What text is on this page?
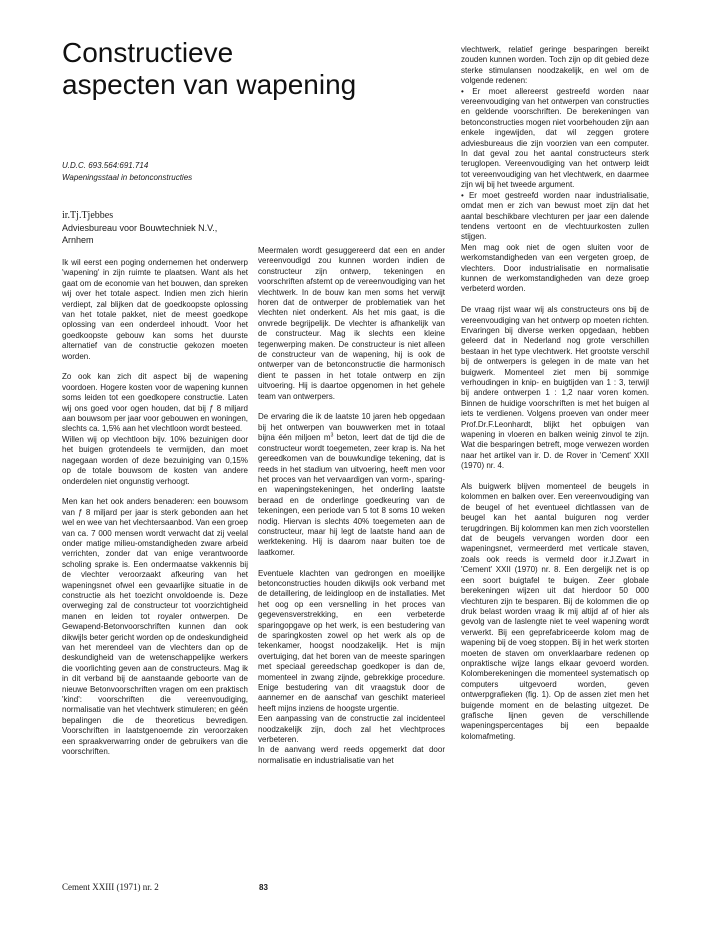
Constructieve
aspecten van wapening
U.D.C. 693.564:691.714
Wapeningsstaal in betonconstructies
ir.Tj.Tjebbes
Adviesbureau voor Bouwtechniek N.V.,
Arnhem

Ik wil eerst een poging ondernemen het onderwerp 'wapening' in zijn ruimte te plaatsen. Want als het gaat om de economie van het bouwen, dan spreken wij over het totale aspect. Indien men zich hierin verdiept, zal blijken dat de goedkoopste oplossing van het totale pakket, niet de meest goedkope oplossing van een onderdeel inhoudt. Voor het goedkoopste gebouw kan soms het duurste alternatief van de constructie gekozen moeten worden.

Zo ook kan zich dit aspect bij de wapening voordoen. Hogere kosten voor de wapening kunnen soms leiden tot een goedkopere constructie. Laten wij ons goed voor ogen houden, dat bij ƒ 8 miljard aan bouwsom per jaar voor gebouwen en woningen, slechts ca. 1,5% aan het vlechtloon wordt besteed.

Willen wij op vlechtloon bijv. 10% bezuinigen door het buigen grotendeels te vermijden, dan moet nagegaan worden of deze bezuiniging van 0,15% op de totale bouwsom de kosten van andere onderdelen niet ongunstig verhoogt.

Men kan het ook anders benaderen: een bouwsom van ƒ 8 miljard per jaar is sterk gebonden aan het wel en wee van het vlechtersaanbod. Van een groep van ca. 7 000 mensen wordt verwacht dat zij veelal onder matige milieu-omstandigheden zware arbeid verrichten, zonder dat van enige verantwoorde scholing sprake is. Een ondermaatse vakkennis bij de vlechter veroorzaakt afkeuring van het wapeningsnet ofwel een gevaarlijke situatie in de constructie als het toezicht onvoldoende is. Deze overweging zal de constructeur tot voorzichtigheid manen en leiden tot royaler ontwerpen. De Gewapend-Betonvoorschriften kunnen dan ook dikwijls beter gericht worden op de ondeskundigheid van het merendeel van de vlechters dan op de deskundigheid van de wetenschappelijke werkers die voorlichting geven aan de constructeurs. Mag ik in dit verband bij de aanstaande geboorte van de nieuwe Betonvoorschriften vragen om een praktisch 'kind': voorschriften die vereenvoudiging, normalisatie van het vlechtwerk stimuleren; en géén bepalingen die de theoreticus bevredigen. Voorschriften in laatstgenoemde zin veroorzaken een spraakverwarring onder de gebruikers van die voorschriften.

Meermalen wordt gesuggereerd dat een en ander vereenvoudigd zou kunnen worden indien de constructeur zijn ontwerp, tekeningen en voorschriften afstemt op de vereenvoudiging van het vlechtwerk. In de bouw kan men soms het verwijt horen dat de ontwerper de problematiek van het vlechten niet onderkent. Als het mis gaat, is die onvrede begrijpelijk. De vlechter is afhankelijk van de constructeur. Mag ik slechts een kleine tegenwerping maken. De constructeur is niet alleen de constructeur van de wapening, hij is ook de ontwerper van de betonconstructie die harmonisch dient te passen in het totale ontwerp en zijn uitvoering. Hij is daartoe opgenomen in het gehele team van ontwerpers.

De ervaring die ik de laatste 10 jaren heb opgedaan bij het ontwerpen van bouwwerken met in totaal bijna één miljoen $m^3$ beton, leert dat de tijd die de constructeur wordt toegemeten, zeer krap is. Na het gereedkomen van de bouwkundige tekening, dat is reeds in het stadium van uitvoering, heeft men voor het proces van het vervaardigen van vorm-, sparing- en wapeningstekeningen, het onderling laatste beraad en de onderlinge goedkeuring van de tekeningen, een periode van 5 tot 8 soms 10 weken nodig. Hiervan is slechts 40% toegemeten aan de constructeur, maar hij legt de laatste hand aan de werktekening. Hij is daarom naar buiten toe de laatkomer.

Eventuele klachten van gedrongen en moeilijke betonconstructies houden dikwijls ook verband met de detaillering, de leidingloop en de installaties. Met het oog op een versnelling in het proces van gegevensverstrekking, en een verbeterde sparingopgave op het werk, is een bestudering van de sparingkosten zowel op het werk als op de tekenkamer, hoogst noodzakelijk. Het is mijn overtuiging, dat het boren van de meeste sparingen met speciaal gereedschap goedkoper is dan de, momenteel in zwang zijnde, gebrekkige procedure. Enige bestudering van dit vraagstuk door de aannemer en de aanschaf van geschikt materieel heeft mijns inziens de hoogste urgentie.

Een aanpassing van de constructie zal incidenteel noodzakelijk zijn, doch zal het vlechtproces verbeteren.

In de aanvang werd reeds opgemerkt dat door normalisatie en industrialisatie van het

vlechtwerk, relatief geringe besparingen bereikt zouden kunnen worden. Toch zijn op dit gebied deze sterke stimulansen noodzakelijk, en wel om de volgende redenen:

• Er moet allereerst gestreefd worden naar vereenvoudiging van het ontwerpen van constructies en geldende voorschriften. De berekeningen van betonconstructies mogen niet voorbehouden zijn aan enkele ingewijden, dat wil zeggen grotere adviesbureaus die zijn voorzien van een computer. In dat geval zou het aantal constructeurs sterk teruglopen. Vereenvoudiging van het ontwerp leidt tot vereenvoudiging van het vlechtwerk, en daarmee zijn wij bij het tweede argument.

• Er moet gestreefd worden naar industrialisatie, omdat men er zich van bewust moet zijn dat het aantal beschikbare vlechturen per jaar een dalende tendens vertoont en de vlechtuurkosten zullen stijgen.

Men mag ook niet de ogen sluiten voor de werkomstandigheden van een vergeten groep, de vlechters. Door industrialisatie en normalisatie kunnen de werkomstandigheden van deze groep verbeterd worden.

De vraag rijst waar wij als constructeurs ons bij de vereenvoudiging van het ontwerp op moeten richten. Ervaringen bij diverse werken opgedaan, hebben geleerd dat in Nederland nog grote verschillen bestaan in het type vlechtwerk. Het grootste verschil bij de ontwerpers is gelegen in de mate van het buigwerk. Momenteel ziet men bij sommige verhoudingen in knip- en buigtijden van 1 : 3, terwijl bij andere ontwerpen 1 : 1,2 naar voren komen. Binnen de huidige voorschriften is met het buigen al iets te verdienen. Volgens proeven van onder meer Prof.Dr.F.Leonhardt, blijkt het opbuigen van wapening in vloeren en balken weinig zinvol te zijn. Wat die besparingen betreft, moge verwezen worden naar het artikel van ir. D. de Rover in 'Cement' XXII (1970) nr. 4.

Als buigwerk blijven momenteel de beugels in kolommen en balken over. Een vereenvoudiging van de beugel of het eventueel dichtlassen van de beugel kan het aantal buiguren nog verder terugdringen. Bij kolommen kan men zich voorstellen dat de beugels vervangen worden door een wapeningsnet, vermeerderd met verticale staven, zoals ook reeds is vermeld door ir.J.Zwart in 'Cement' XXII (1970) nr. 8. Een dergelijk net is op een soort buigtafel te buigen. Zeer globale berekeningen wijzen uit dat hierdoor 50 000 vlechturen zijn te besparen. Bij de kolommen die op druk belast worden vraag ik mij altijd af of hier als gevolg van de laslengte niet te veel wapening wordt verwerkt. Bij een geprefabriceerde kolom mag de wapening bij de voeg stoppen. Bij in het werk storten moeten de staven om onverklaarbare redenen op onpraktische wijze langs elkaar gevoerd worden. Kolomberekeningen die momenteel systematisch op computers uitgevoerd worden, geven ontwerpgrafieken (fig. 1). Op de assen ziet men het buigende moment en de belasting uitgezet. De grafische lijnen geven de verschillende wapeningspercentages bij een bepaalde kolomafmeting.

Cement XXIII (1971) nr. 2	83
